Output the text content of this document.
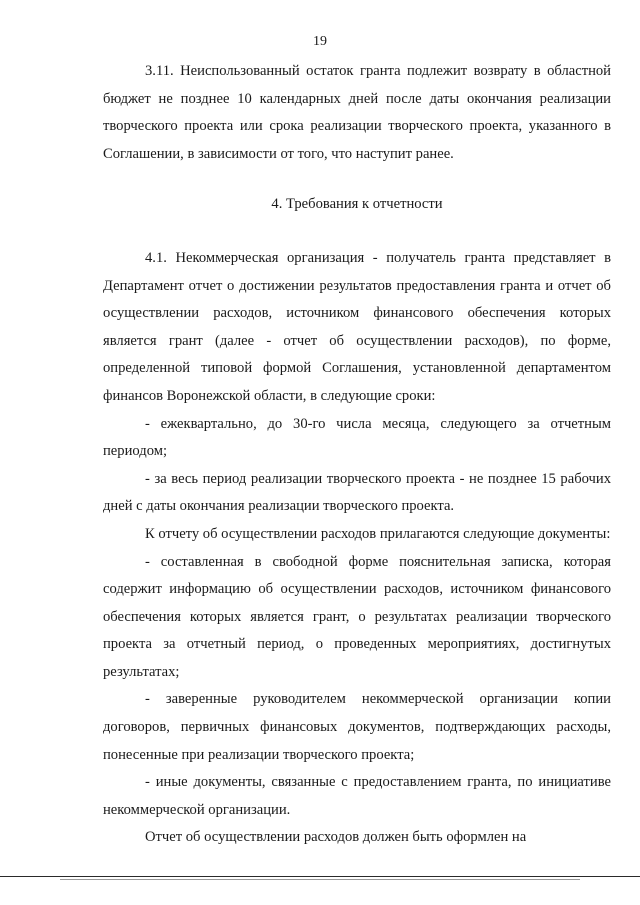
19

3.11. Неиспользованный остаток гранта подлежит возврату в областной бюджет не позднее 10 календарных дней после даты окончания реализации творческого проекта или срока реализации творческого проекта, указанного в Соглашении, в зависимости от того, что наступит ранее.

4. Требования к отчетности

4.1. Некоммерческая организация - получатель гранта представляет в Департамент отчет о достижении результатов предоставления гранта и отчет об осуществлении расходов, источником финансового обеспечения которых является грант (далее - отчет об осуществлении расходов), по форме, определенной типовой формой Соглашения, установленной департаментом финансов Воронежской области, в следующие сроки:

- ежеквартально, до 30-го числа месяца, следующего за отчетным периодом;

- за весь период реализации творческого проекта - не позднее 15 рабочих дней с даты окончания реализации творческого проекта.

К отчету об осуществлении расходов прилагаются следующие документы:

- составленная в свободной форме пояснительная записка, которая содержит информацию об осуществлении расходов, источником финансового обеспечения которых является грант, о результатах реализации творческого проекта за отчетный период, о проведенных мероприятиях, достигнутых результатах;

- заверенные руководителем некоммерческой организации копии договоров, первичных финансовых документов, подтверждающих расходы, понесенные при реализации творческого проекта;

- иные документы, связанные с предоставлением гранта, по инициативе некоммерческой организации.

Отчет об осуществлении расходов должен быть оформлен на
